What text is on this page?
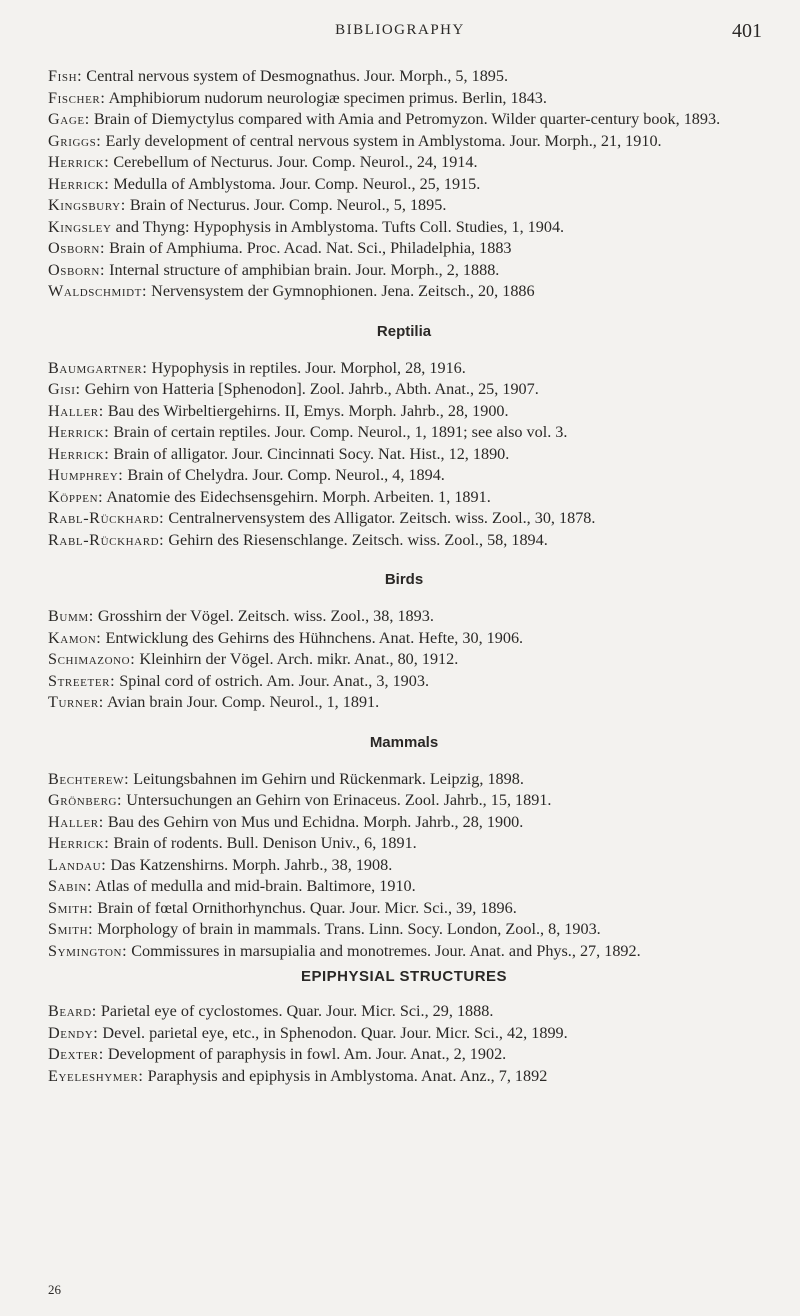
BIBLIOGRAPHY	401

Fish: Central nervous system of Desmognathus. Jour. Morph., 5, 1895.

Fischer: Amphibiorum nudorum neurologiæ specimen primus. Berlin, 1843.

Gage: Brain of Diemyctylus compared with Amia and Petromyzon. Wilder quarter-century book, 1893.

Griggs: Early development of central nervous system in Amblystoma. Jour. Morph., 21, 1910.

Herrick: Cerebellum of Necturus. Jour. Comp. Neurol., 24, 1914.

Herrick: Medulla of Amblystoma. Jour. Comp. Neurol., 25, 1915.

Kingsbury: Brain of Necturus. Jour. Comp. Neurol., 5, 1895.

Kingsley and Thyng: Hypophysis in Amblystoma. Tufts Coll. Studies, 1, 1904.

Osborn: Brain of Amphiuma. Proc. Acad. Nat. Sci., Philadelphia, 1883

Osborn: Internal structure of amphibian brain. Jour. Morph., 2, 1888.

Waldschmidt: Nervensystem der Gymnophionen. Jena. Zeitsch., 20, 1886

Reptilia

Baumgartner: Hypophysis in reptiles. Jour. Morphol, 28, 1916.

Gisi: Gehirn von Hatteria [Sphenodon]. Zool. Jahrb., Abth. Anat., 25, 1907.

Haller: Bau des Wirbeltiergehirns. II, Emys. Morph. Jahrb., 28, 1900.

Herrick: Brain of certain reptiles. Jour. Comp. Neurol., 1, 1891; see also vol. 3.

Herrick: Brain of alligator. Jour. Cincinnati Socy. Nat. Hist., 12, 1890.

Humphrey: Brain of Chelydra. Jour. Comp. Neurol., 4, 1894.

Köppen: Anatomie des Eidechsensgehirn. Morph. Arbeiten. 1, 1891.

Rabl-Rückhard: Centralnervensystem des Alligator. Zeitsch. wiss. Zool., 30, 1878.

Rabl-Rückhard: Gehirn des Riesenschlange. Zeitsch. wiss. Zool., 58, 1894.

Birds

Bumm: Grosshirn der Vögel. Zeitsch. wiss. Zool., 38, 1893.

Kamon: Entwicklung des Gehirns des Hühnchens. Anat. Hefte, 30, 1906.

Schimazono: Kleinhirn der Vögel. Arch. mikr. Anat., 80, 1912.

Streeter: Spinal cord of ostrich. Am. Jour. Anat., 3, 1903.

Turner: Avian brain Jour. Comp. Neurol., 1, 1891.

Mammals

Bechterew: Leitungsbahnen im Gehirn und Rückenmark. Leipzig, 1898.

Grönberg: Untersuchungen an Gehirn von Erinaceus. Zool. Jahrb., 15, 1891.

Haller: Bau des Gehirn von Mus und Echidna. Morph. Jahrb., 28, 1900.

Herrick: Brain of rodents. Bull. Denison Univ., 6, 1891.

Landau: Das Katzenshirns. Morph. Jahrb., 38, 1908.

Sabin: Atlas of medulla and mid-brain. Baltimore, 1910.

Smith: Brain of fœtal Ornithorhynchus. Quar. Jour. Micr. Sci., 39, 1896.

Smith: Morphology of brain in mammals. Trans. Linn. Socy. London, Zool., 8, 1903.

Symington: Commissures in marsupialia and monotremes. Jour. Anat. and Phys., 27, 1892.

EPIPHYSIAL STRUCTURES

Beard: Parietal eye of cyclostomes. Quar. Jour. Micr. Sci., 29, 1888.

Dendy: Devel. parietal eye, etc., in Sphenodon. Quar. Jour. Micr. Sci., 42, 1899.

Dexter: Development of paraphysis in fowl. Am. Jour. Anat., 2, 1902.

Eyeleshymer: Paraphysis and epiphysis in Amblystoma. Anat. Anz., 7, 1892

26
